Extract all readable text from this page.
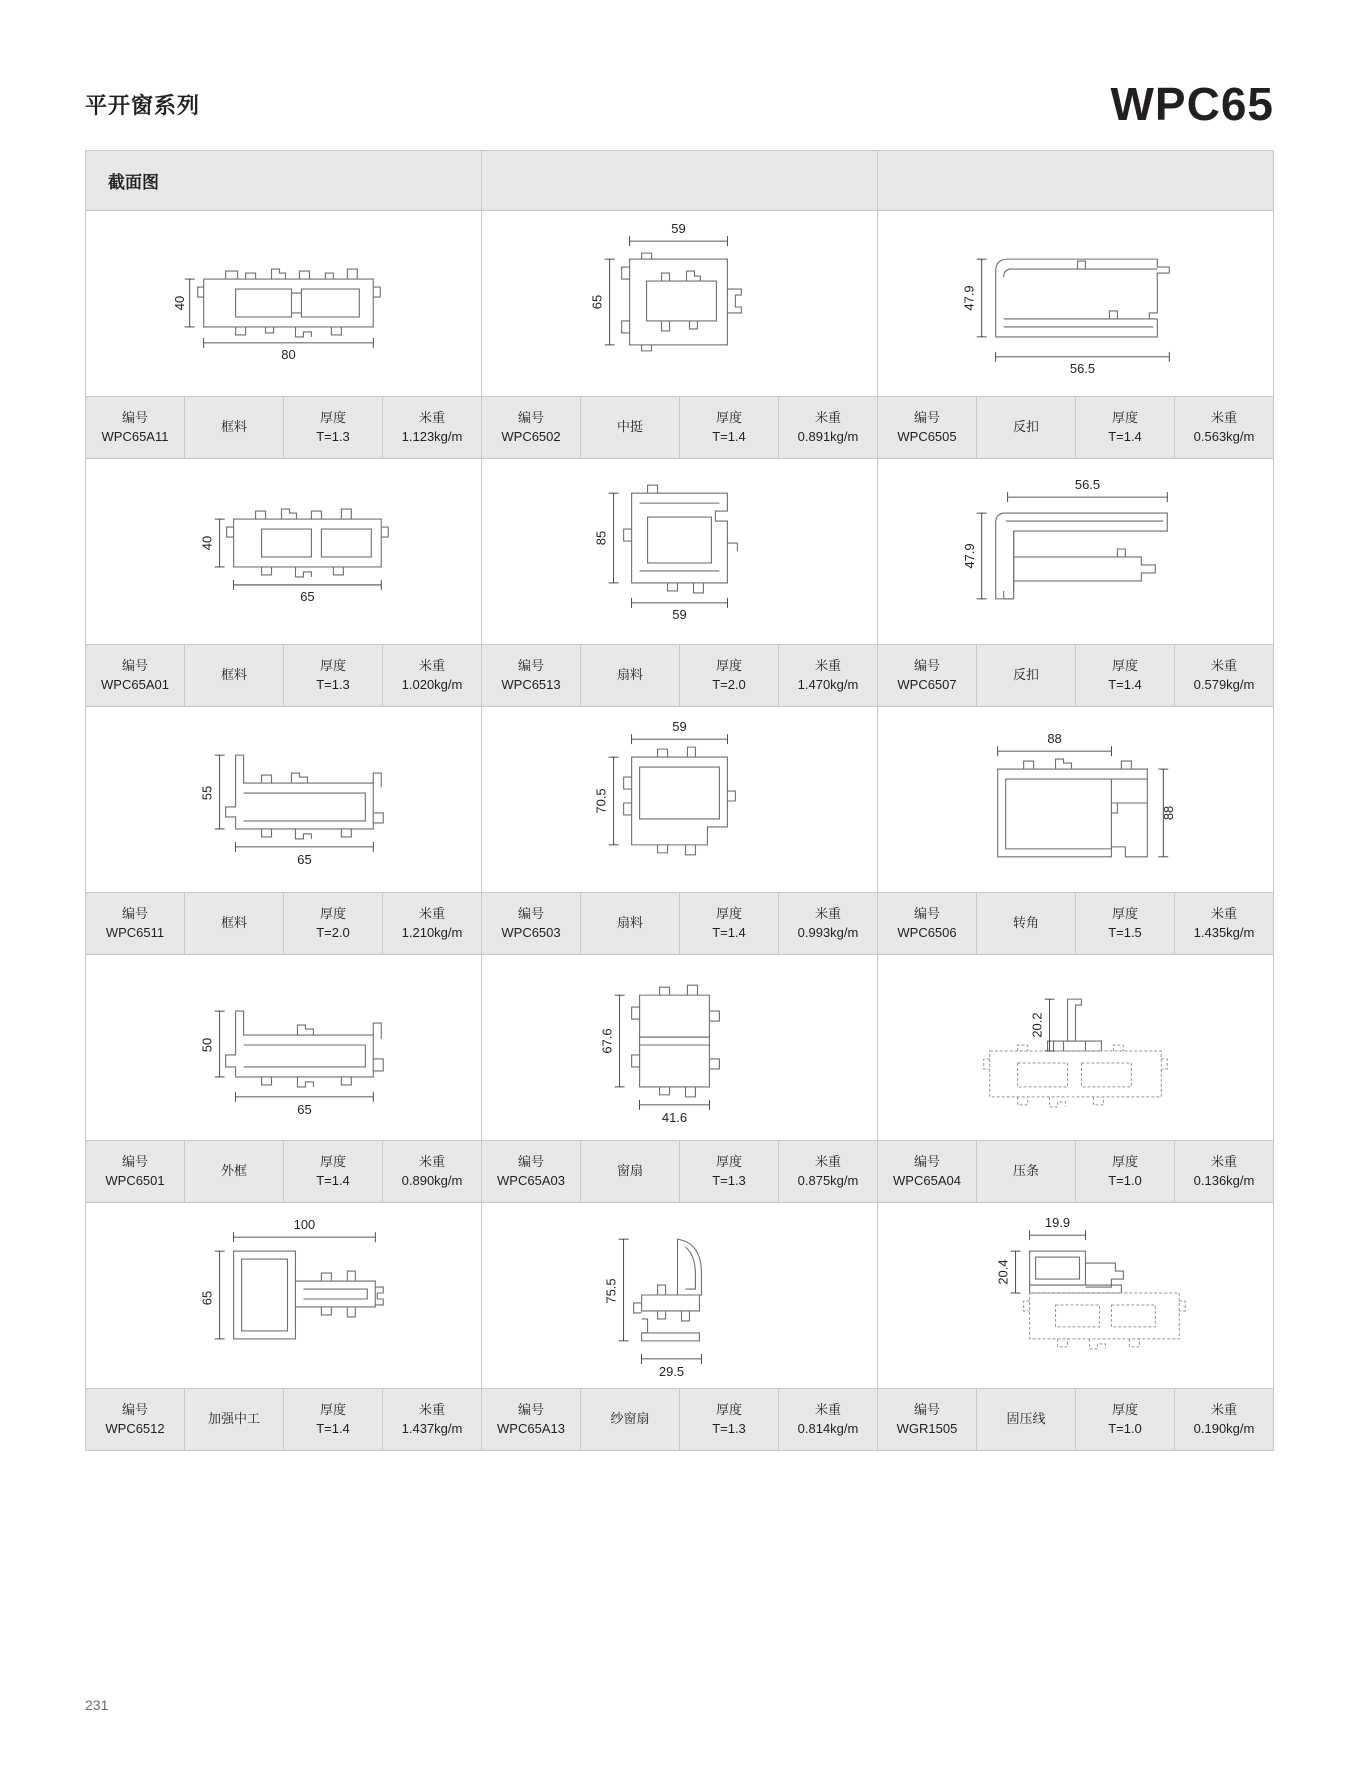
平开窗系列	WPC65
截面图
40
80
编号
WPC65A11
框料
厚度
T=1.3
米重
1.123kg/m
59
65
编号
WPC6502
中挺
厚度
T=1.4
米重
0.891kg/m
47.9
56.5
编号
WPC6505
反扣
厚度
T=1.4
米重
0.563kg/m
40
65
编号
WPC65A01
框料
厚度
T=1.3
米重
1.020kg/m
85
59
编号
WPC6513
扇料
厚度
T=2.0
米重
1.470kg/m
56.5
47.9
编号
WPC6507
反扣
厚度
T=1.4
米重
0.579kg/m
55
65
编号
WPC6511
框料
厚度
T=2.0
米重
1.210kg/m
59
70.5
编号
WPC6503
扇料
厚度
T=1.4
米重
0.993kg/m
88
88
编号
WPC6506
转角
厚度
T=1.5
米重
1.435kg/m
50
65
编号
WPC6501
外框
厚度
T=1.4
米重
0.890kg/m
67.6
41.6
编号
WPC65A03
窗扇
厚度
T=1.3
米重
0.875kg/m
20.2
编号
WPC65A04
压条
厚度
T=1.0
米重
0.136kg/m
65
100
编号
WPC6512
加强中工
厚度
T=1.4
米重
1.437kg/m
75.5
29.5
编号
WPC65A13
纱窗扇
厚度
T=1.3
米重
0.814kg/m
19.9
20.4
编号
WGR1505
固压线
厚度
T=1.0
米重
0.190kg/m
231
